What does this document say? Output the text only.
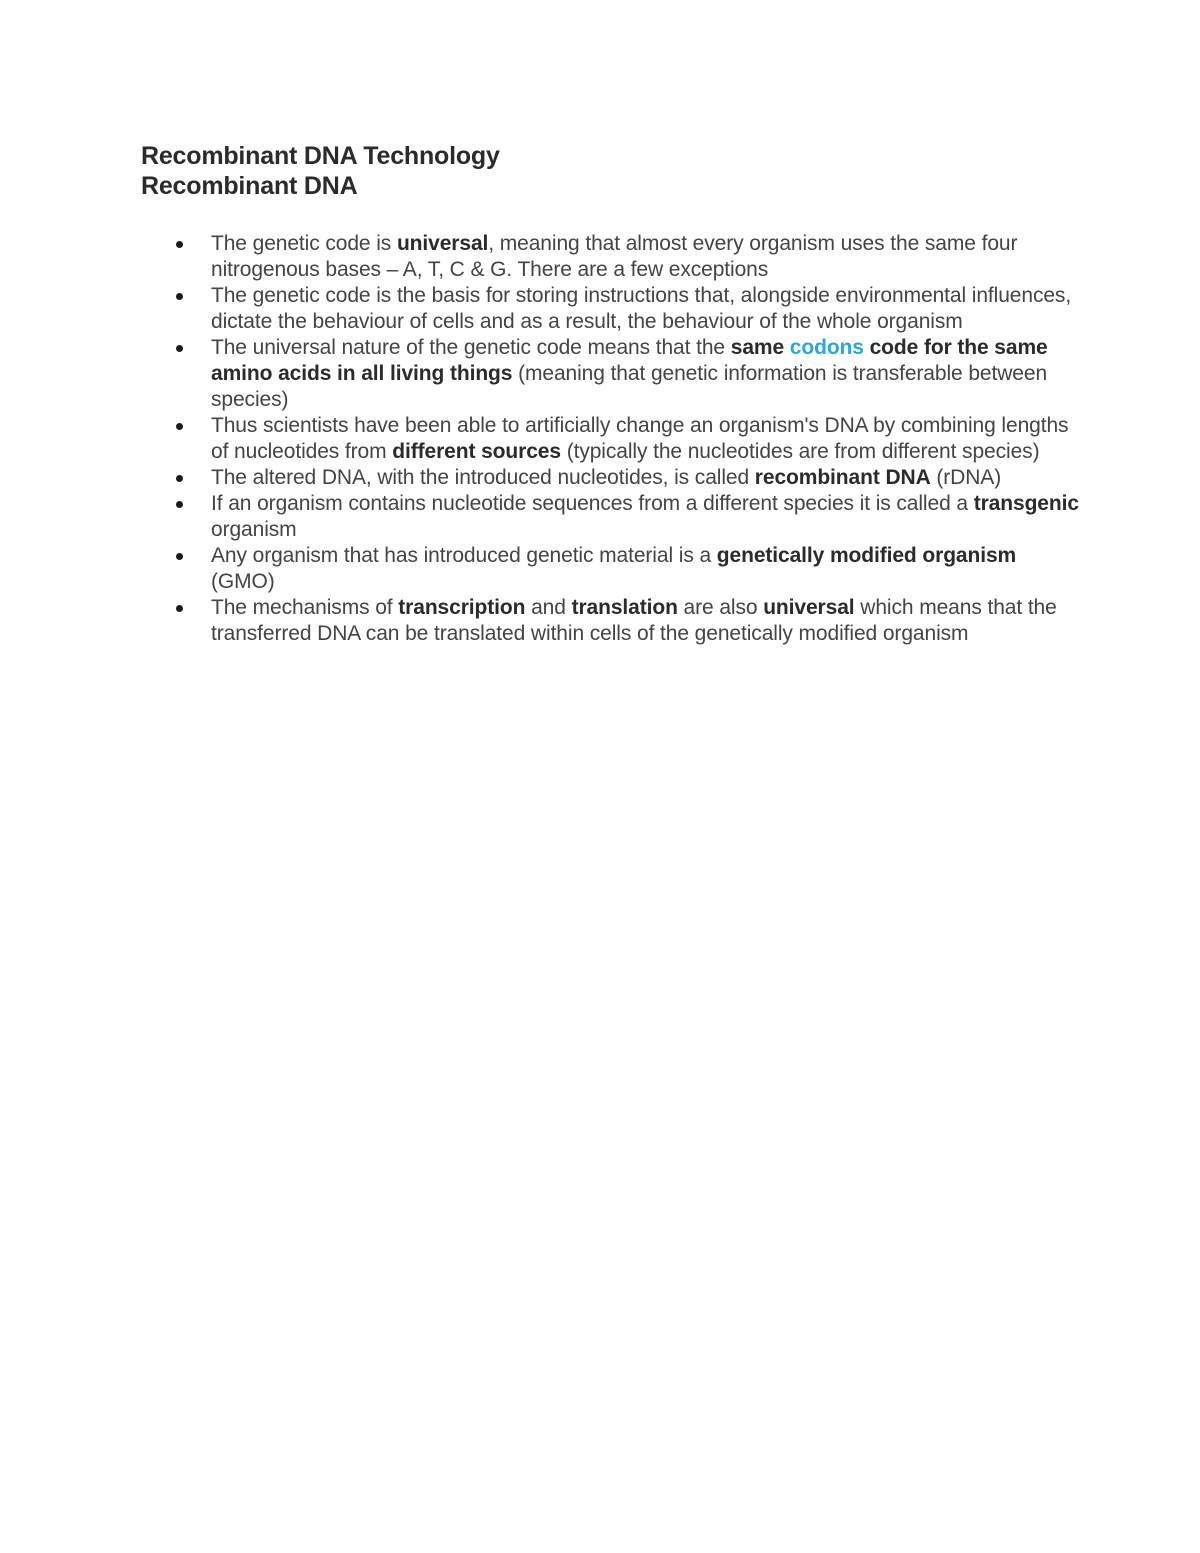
Recombinant DNA Technology
Recombinant DNA
The genetic code is universal, meaning that almost every organism uses the same four nitrogenous bases – A, T, C & G. There are a few exceptions
The genetic code is the basis for storing instructions that, alongside environmental influences, dictate the behaviour of cells and as a result, the behaviour of the whole organism
The universal nature of the genetic code means that the same codons code for the same amino acids in all living things (meaning that genetic information is transferable between species)
Thus scientists have been able to artificially change an organism's DNA by combining lengths of nucleotides from different sources (typically the nucleotides are from different species)
The altered DNA, with the introduced nucleotides, is called recombinant DNA (rDNA)
If an organism contains nucleotide sequences from a different species it is called a transgenic organism
Any organism that has introduced genetic material is a genetically modified organism (GMO)
The mechanisms of transcription and translation are also universal which means that the transferred DNA can be translated within cells of the genetically modified organism
